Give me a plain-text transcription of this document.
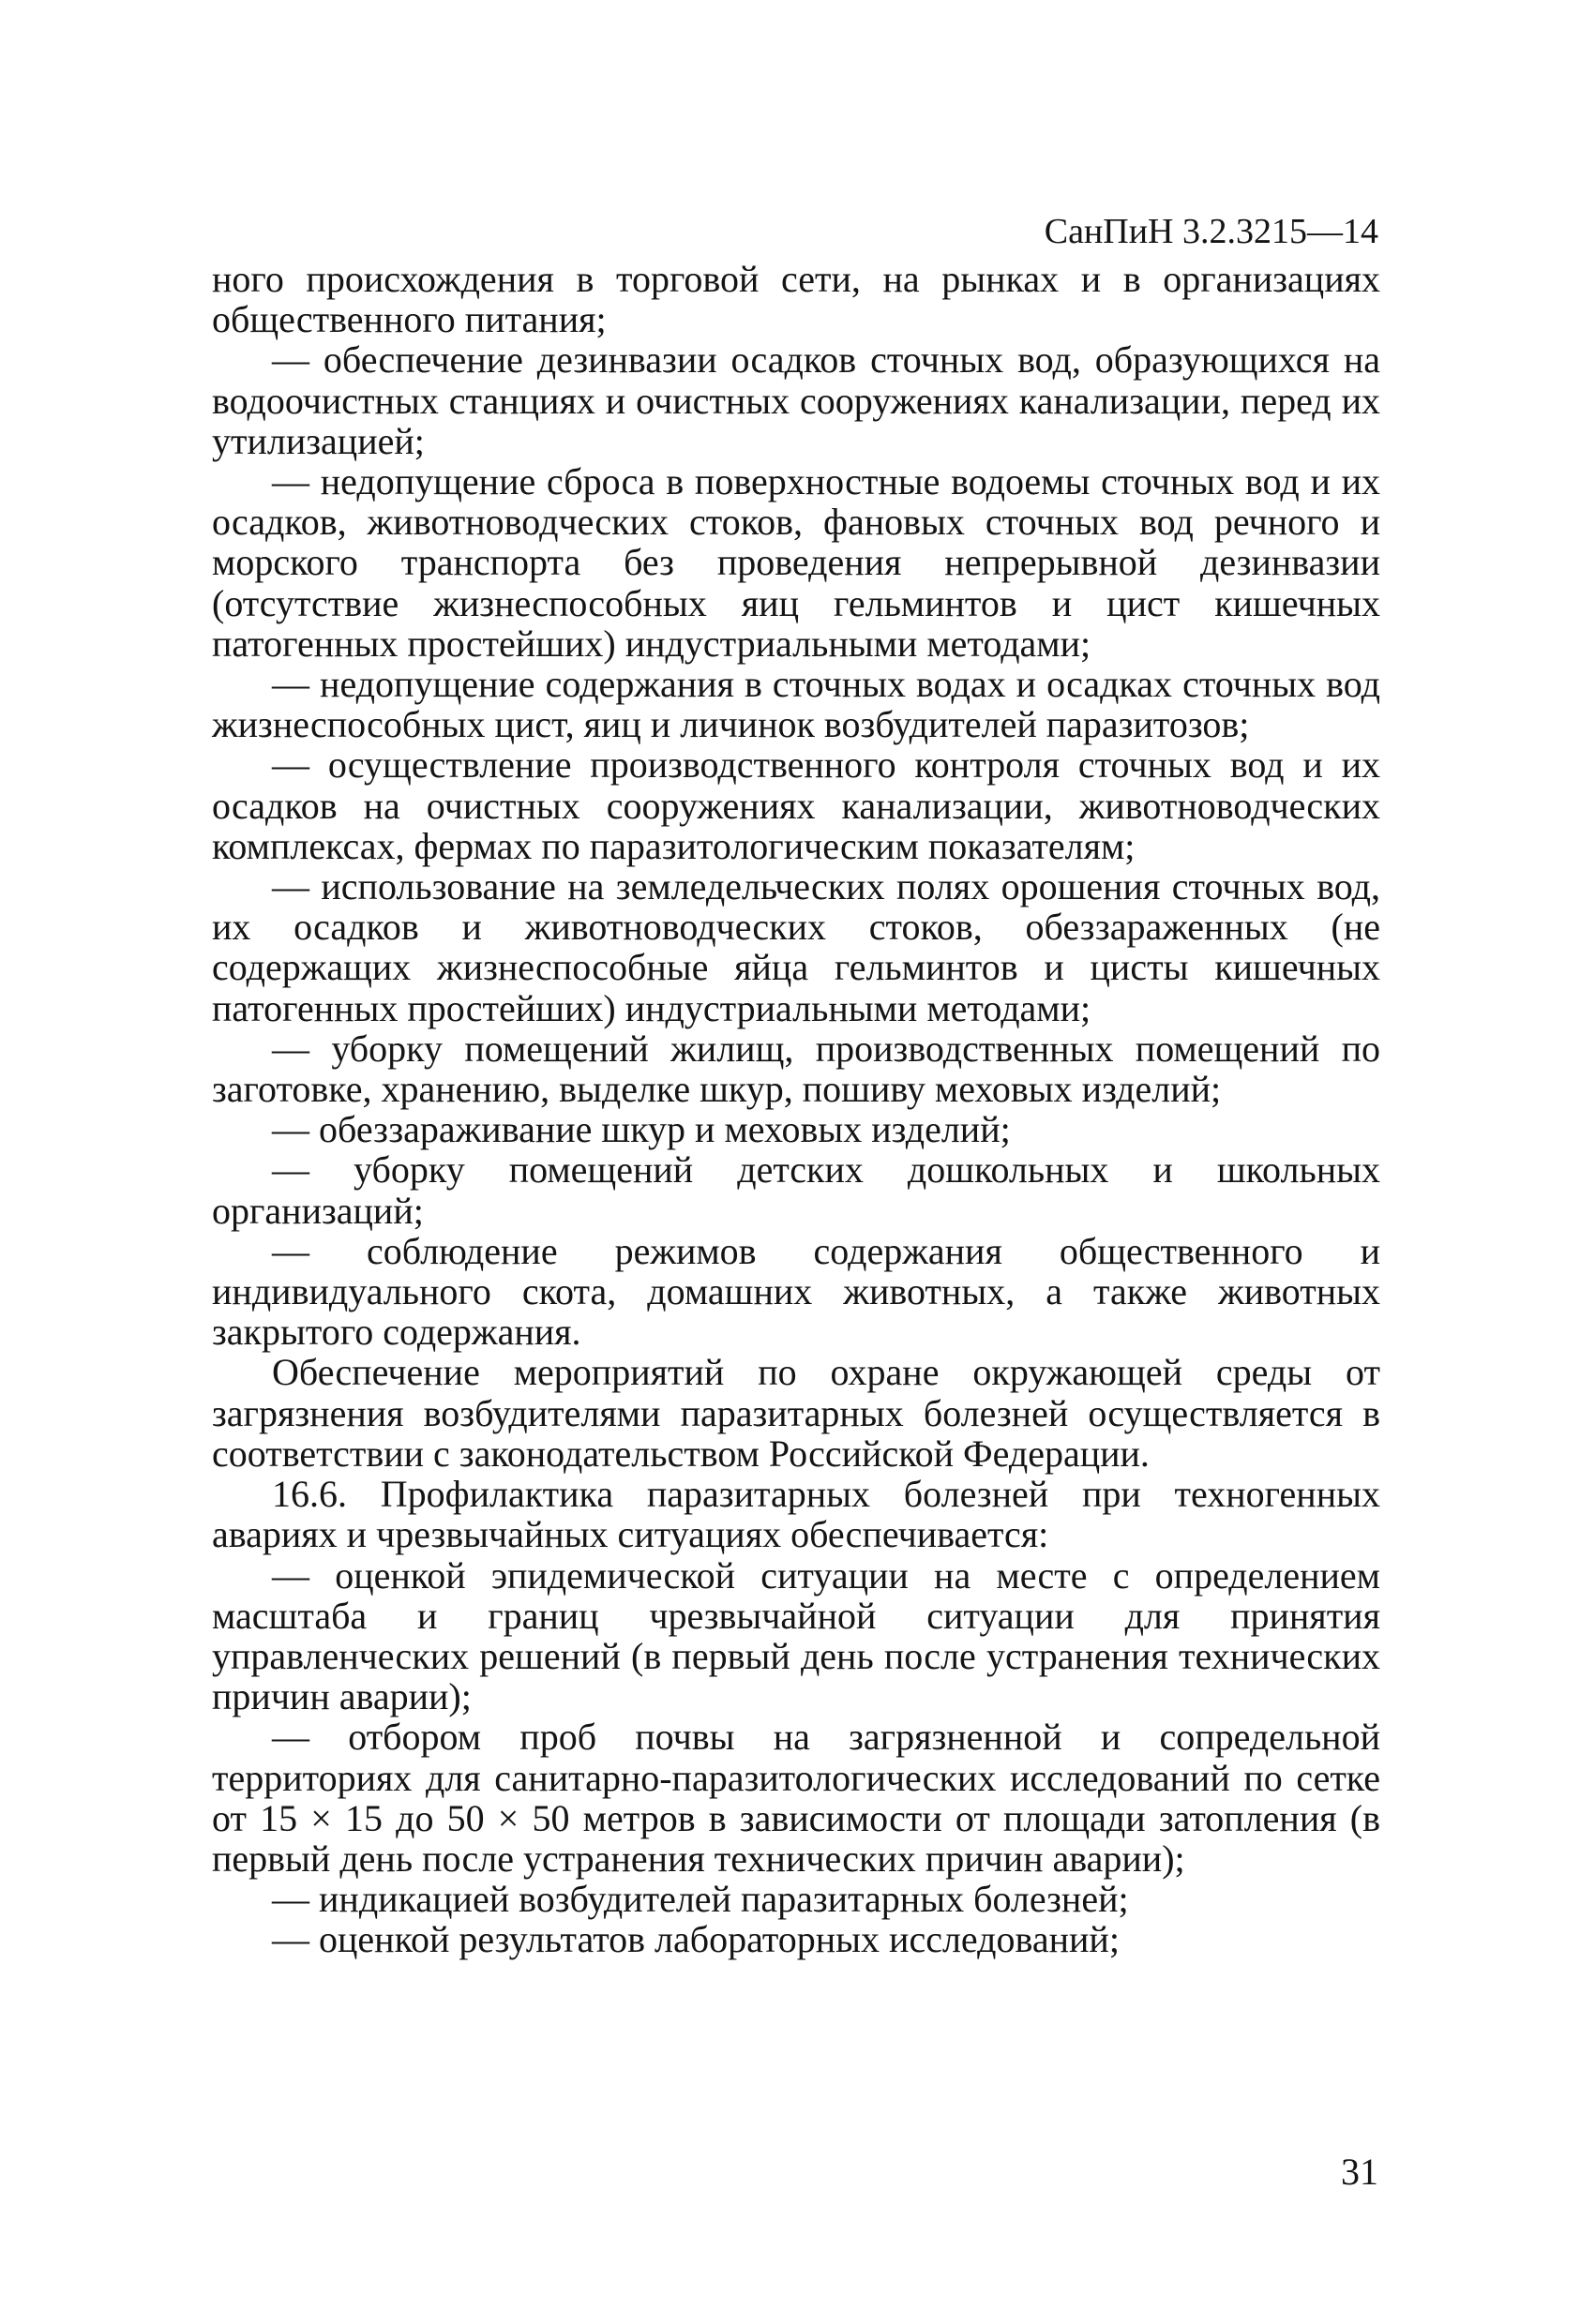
СанПиН 3.2.3215—14

ного происхождения в торговой сети, на рынках и в организациях общественного питания;

— обеспечение дезинвазии осадков сточных вод, образующихся на водоочистных станциях и очистных сооружениях канализации, перед их утилизацией;

— недопущение сброса в поверхностные водоемы сточных вод и их осадков, животноводческих стоков, фановых сточных вод речного и морского транспорта без проведения непрерывной дезинвазии (отсутствие жизнеспособных яиц гельминтов и цист кишечных патогенных простейших) индустриальными методами;

— недопущение содержания в сточных водах и осадках сточных вод жизнеспособных цист, яиц и личинок возбудителей паразитозов;

— осуществление производственного контроля сточных вод и их осадков на очистных сооружениях канализации, животноводческих комплексах, фермах по паразитологическим показателям;

— использование на земледельческих полях орошения сточных вод, их осадков и животноводческих стоков, обеззараженных (не содержащих жизнеспособные яйца гельминтов и цисты кишечных патогенных простейших) индустриальными методами;

— уборку помещений жилищ, производственных помещений по заготовке, хранению, выделке шкур, пошиву меховых изделий;

— обеззараживание шкур и меховых изделий;

— уборку помещений детских дошкольных и школьных организаций;

— соблюдение режимов содержания общественного и индивидуального скота, домашних животных, а также животных закрытого содержания.

Обеспечение мероприятий по охране окружающей среды от загрязнения возбудителями паразитарных болезней осуществляется в соответствии с законодательством Российской Федерации.

16.6. Профилактика паразитарных болезней при техногенных авариях и чрезвычайных ситуациях обеспечивается:

— оценкой эпидемической ситуации на месте с определением масштаба и границ чрезвычайной ситуации для принятия управленческих решений (в первый день после устранения технических причин аварии);

— отбором проб почвы на загрязненной и сопредельной территориях для санитарно-паразитологических исследований по сетке от 15 × 15 до 50 × 50 метров в зависимости от площади затопления (в первый день после устранения технических причин аварии);

— индикацией возбудителей паразитарных болезней;

— оценкой результатов лабораторных исследований;

31
